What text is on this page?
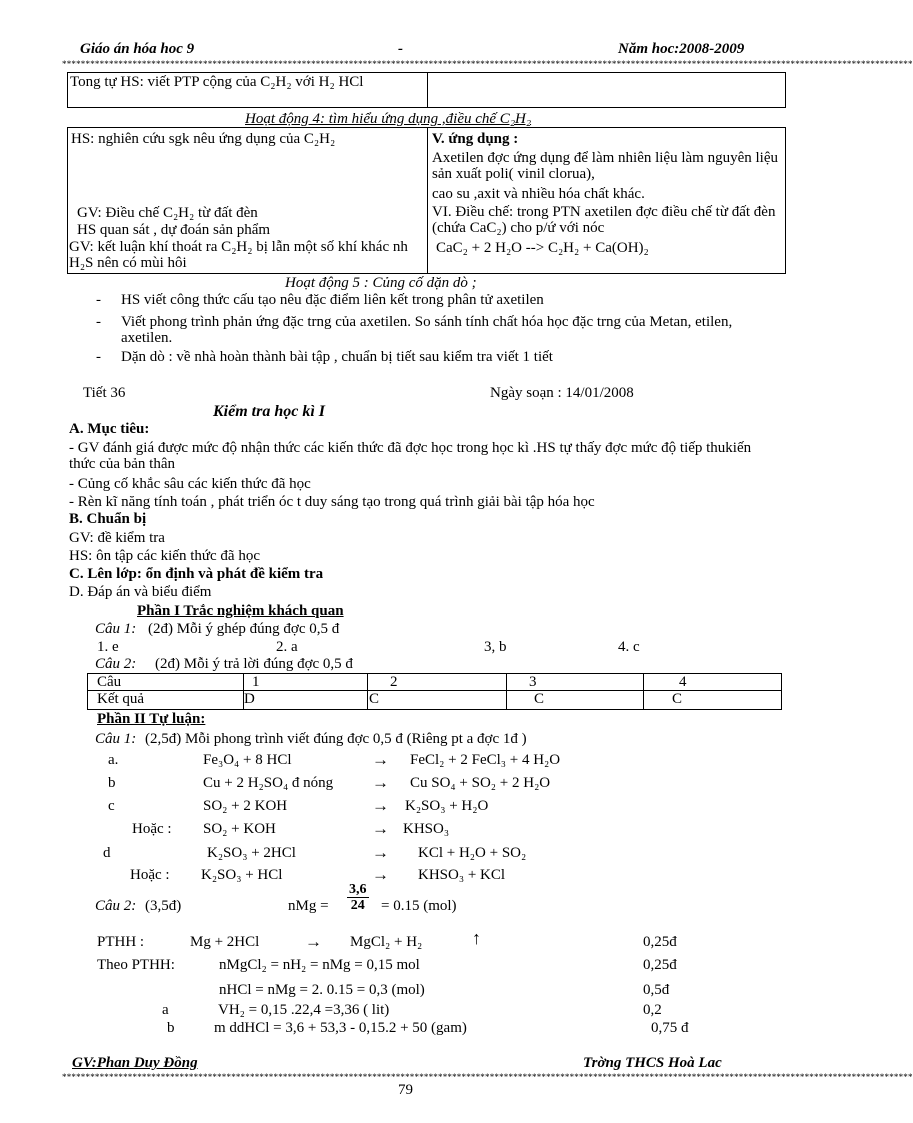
Giáo án hóa hoc 9	-	Năm hoc:2008-2009
*************************************************************************************************************************************************************************************
Tong tự HS: viết PTP cộng của C₂H₂ với H₂ HCl
Hoạt động 4: tìm hiểu ứng dụng ,điều chế C₂H₂
HS: nghiên cứu sgk nêu ứng dụng của C₂H₂
GV: Điều chế C₂H₂ từ đất đèn
HS quan sát , dự đoán sản phẩm
GV: kết luận khí thoát ra C₂H₂ bị lẫn một số khí khác nh H₂S nên có mùi hôi
V. ứng dụng :
Axetilen đợc ứng dụng để làm nhiên liệu làm nguyên liệu sản xuất poli( vinil clorua),
cao su ,axit và nhiều hóa chất khác.
VI. Điều chế: trong PTN axetilen đợc điều chế từ đất đèn (chứa CaC₂) cho p/ứ với nóc
CaC₂ + 2 H₂O --> C₂H₂ + Ca(OH)₂
Hoạt động 5 : Củng cố dặn dò ;
- HS viết công thức cấu tạo nêu đặc điểm liên kết trong phân tử axetilen
- Viết phong trình phản ứng đặc trng của axetilen. So sánh tính chất hóa học đặc trng của Metan, etilen, axetilen.
- Dặn dò : về nhà hoàn thành bài tập , chuẩn bị tiết sau kiểm tra viết 1 tiết
Tiết 36	Ngày soạn : 14/01/2008
Kiểm tra học kì I
A. Mục tiêu:
- GV đánh giá được mức độ nhận thức các kiến thức đã đợc học trong học kì .HS tự thấy đợc mức độ tiếp thukiến thức của bản thân
- Củng cố khắc sâu các kiến thức đã học
- Rèn kĩ năng tính toán , phát triển óc t duy sáng tạo trong quá trình giải bài tập hóa học
B. Chuẩn bị
GV: đề kiểm tra
HS: ôn tập các kiến thức đã học
C. Lên lớp: ổn định và phát đề kiểm tra
D. Đáp án và biểu điểm
Phần I Trắc nghiệm khách quan
Câu 1: (2đ) Mỗi ý ghép đúng đợc 0,5 đ
1. e	2. a	3, b	4. c
Câu 2: (2đ) Mỗi ý trả lời đúng đợc 0,5 đ
Câu	1	2	3	4
Kết quả	D	C	C	C
Phần II Tự luận:
Câu 1: (2,5đ) Mỗi phong trình viết đúng đợc 0,5 đ (Riêng pt a đợc 1đ )
a.	Fe₃O₄ + 8 HCl	→ FeCl₂ + 2 FeCl₃ + 4 H₂O
b	Cu + 2 H₂SO₄ đ nóng → Cu SO₄ + SO₂ + 2 H₂O
c	SO₂ + 2 KOH	→ K₂SO₃ + H₂O
Hoặc : SO₂ + KOH	→ KHSO₃
d	K₂SO₃ + 2HCl	→ KCl + H₂O + SO₂
Hoặc : K₂SO₃ + HCl	→ KHSO₃ + KCl
Câu 2: (3,5đ)	nMg = $\frac{3,6}{24} = 0.15$ (mol)
PTHH :	Mg + 2HCl	→ MgCl₂ + H₂	↑	0,25đ
Theo PTHH:	nMgCl₂ = nH₂ = nMg = 0,15 mol	0,25đ
nHCl = nMg = 2. 0.15 = 0,3 (mol)	0,5đ
a	VH₂ = 0,15 .22,4 =3,36 ( lit)	0,2
b	m ddHCl = 3,6 + 53,3 - 0,15.2 + 50 (gam)	0,75 đ
GV:Phan Duy Đồng	Trờng THCS Hoà Lac
*************************************************************************************************************************************************************************************
79
